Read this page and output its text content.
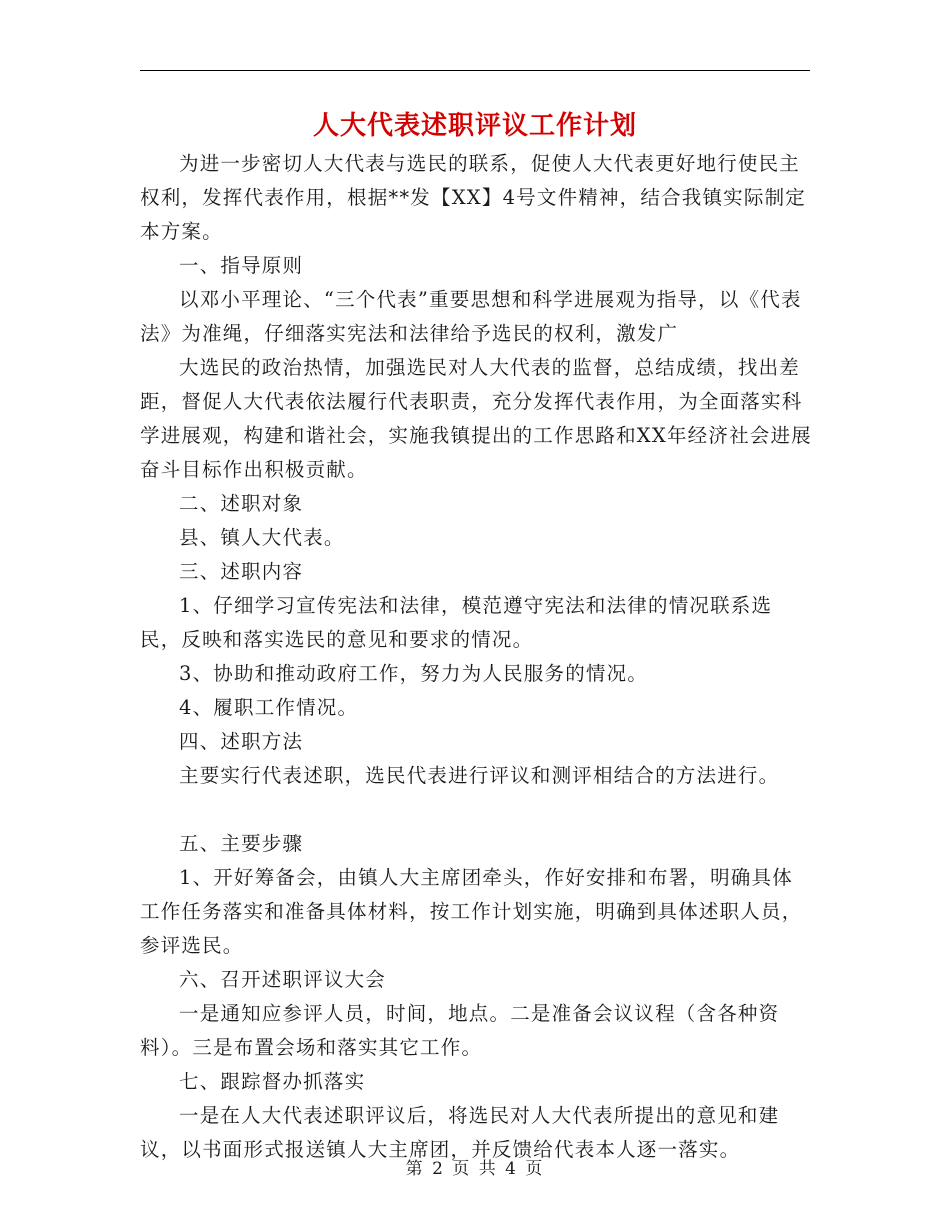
人大代表述职评议工作计划

为进一步密切人大代表与选民的联系，促使人大代表更好地行使民主权利，发挥代表作用，根据**发【XX】4号文件精神，结合我镇实际制定本方案。

一、指导原则

以邓小平理论、“三个代表”重要思想和科学进展观为指导，以《代表法》为准绳，仔细落实宪法和法律给予选民的权利，激发广

大选民的政治热情，加强选民对人大代表的监督，总结成绩，找出差距，督促人大代表依法履行代表职责，充分发挥代表作用，为全面落实科学进展观，构建和谐社会，实施我镇提出的工作思路和XX年经济社会进展奋斗目标作出积极贡献。

二、述职对象

县、镇人大代表。

三、述职内容

1、仔细学习宣传宪法和法律，模范遵守宪法和法律的情况联系选民，反映和落实选民的意见和要求的情况。

3、协助和推动政府工作，努力为人民服务的情况。

4、履职工作情况。

四、述职方法

主要实行代表述职，选民代表进行评议和测评相结合的方法进行。

五、主要步骤

1、开好筹备会，由镇人大主席团牵头，作好安排和布署，明确具体工作任务落实和准备具体材料，按工作计划实施，明确到具体述职人员，参评选民。

六、召开述职评议大会

一是通知应参评人员，时间，地点。二是准备会议议程（含各种资料）。三是布置会场和落实其它工作。

七、跟踪督办抓落实

一是在人大代表述职评议后，将选民对人大代表所提出的意见和建议，以书面形式报送镇人大主席团，并反馈给代表本人逐一落实。

第 2 页 共 4 页
